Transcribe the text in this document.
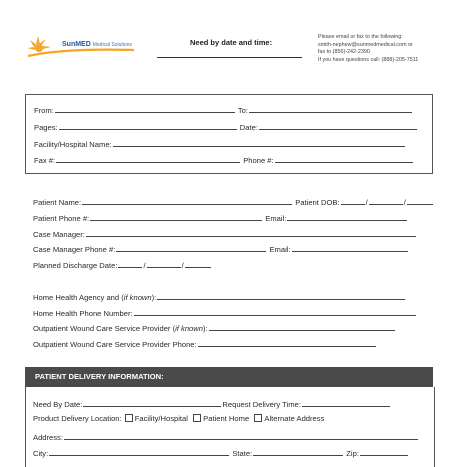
SunMED Medical Solutions	Need by date and time:
Please email or fax to the following:
smith-nephew@sunmedmedical.com or
fax to (856)-242-2390
If you have questions call: (888)-205-7511
From:	To:
Pages:	Date:
Facility/Hospital Name:
Fax #:	Phone #:
Patient Name:	Patient DOB:	/	/
Patient Phone #:	Email:
Case Manager:
Case Manager Phone #:	Email:
Planned Discharge Date:	/	/
Home Health Agency and (if known):
Home Health Phone Number:
Outpatient Wound Care Service Provider (if known):
Outpatient Wound Care Service Provider Phone:
PATIENT DELIVERY INFORMATION:
Need By Date:	Request Delivery Time:
Product Delivery Location: Facility/Hospital Patient Home Alternate Address
Address:
City:	State:	Zip:
